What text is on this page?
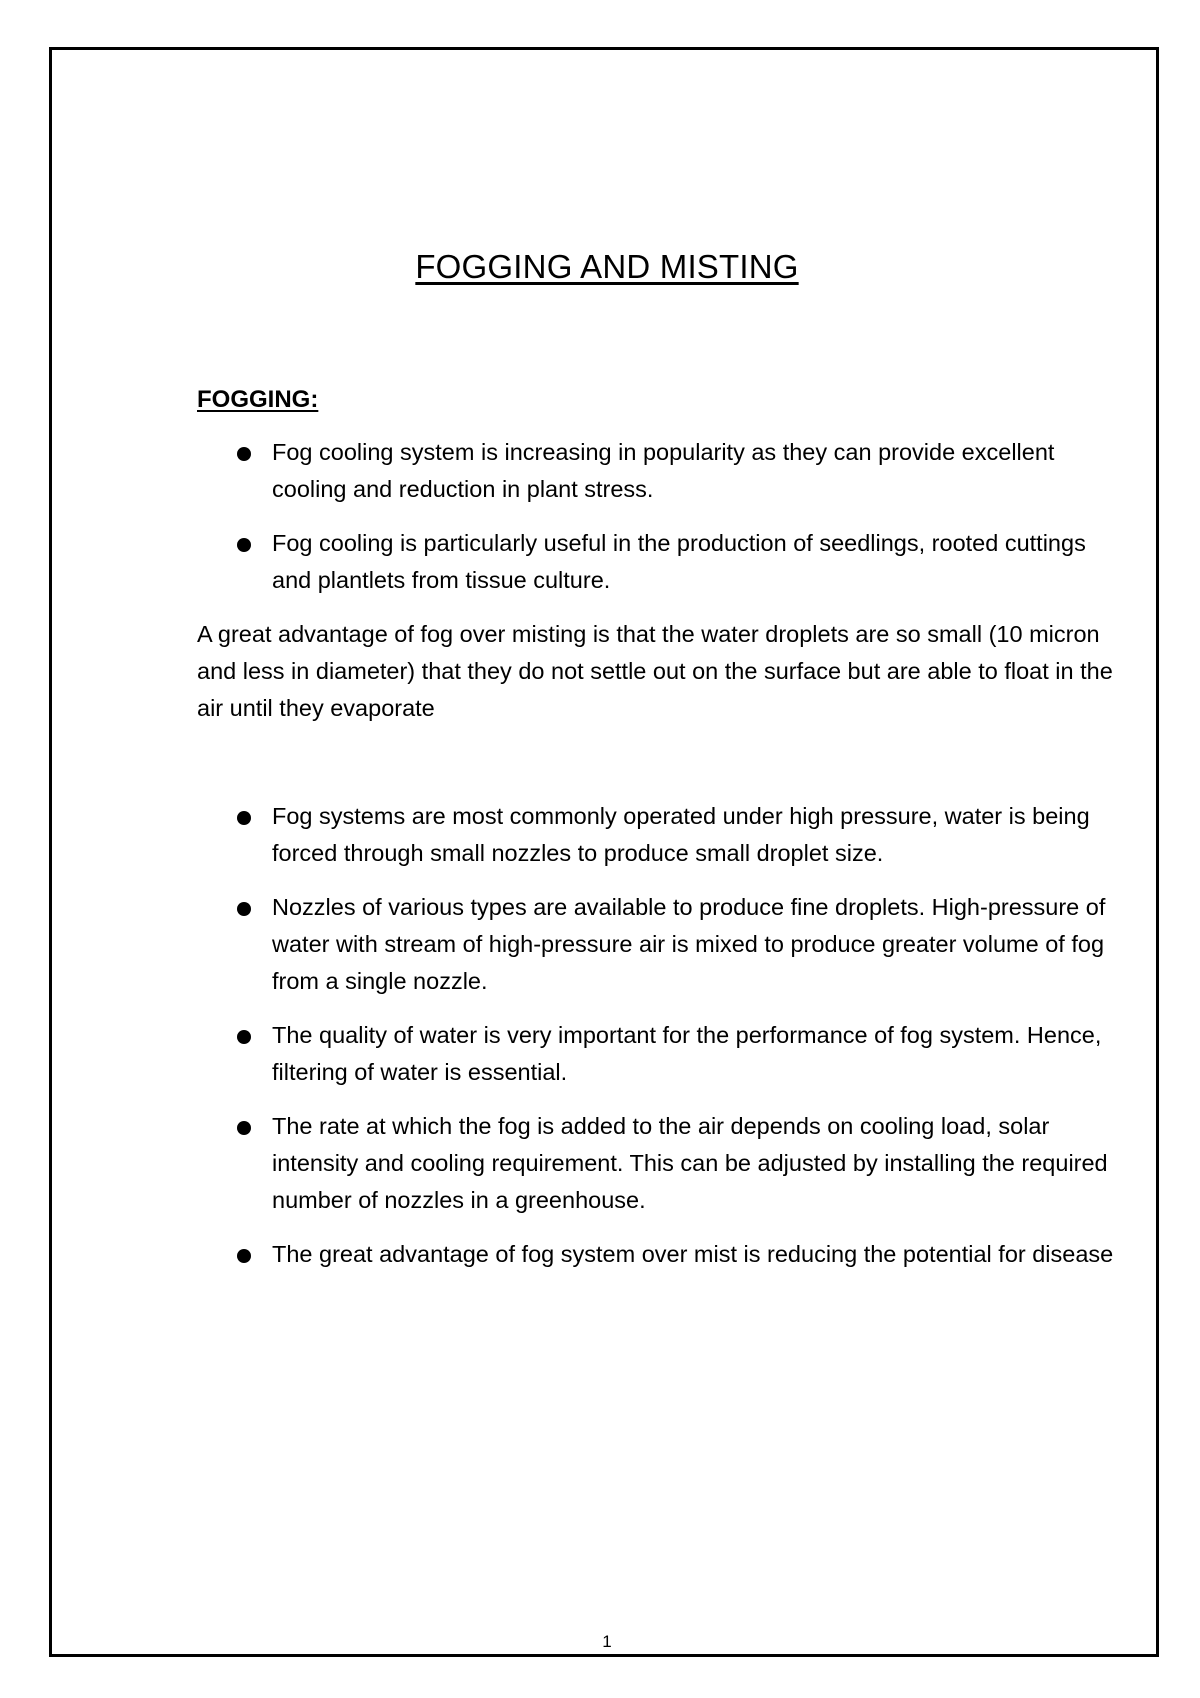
FOGGING AND MISTING
FOGGING:
Fog cooling system is increasing in popularity as they can provide excellent cooling and reduction in plant stress.
Fog cooling is particularly useful in the production of seedlings, rooted cuttings and plantlets from tissue culture.

A great advantage of fog over misting is that the water droplets are so small (10 micron and less in diameter) that they do not settle out on the surface but are able to float in the air until they evaporate

Fog systems are most commonly operated under high pressure, water is being forced through small nozzles to produce small droplet size.
Nozzles of various types are available to produce fine droplets. High-pressure of water with stream of high-pressure air is mixed to produce greater volume of fog from a single nozzle.
The quality of water is very important for the performance of fog system. Hence, filtering of water is essential.
The rate at which the fog is added to the air depends on cooling load, solar intensity and cooling requirement. This can be adjusted by installing the required number of nozzles in a greenhouse.
The great advantage of fog system over mist is reducing the potential for disease
1
